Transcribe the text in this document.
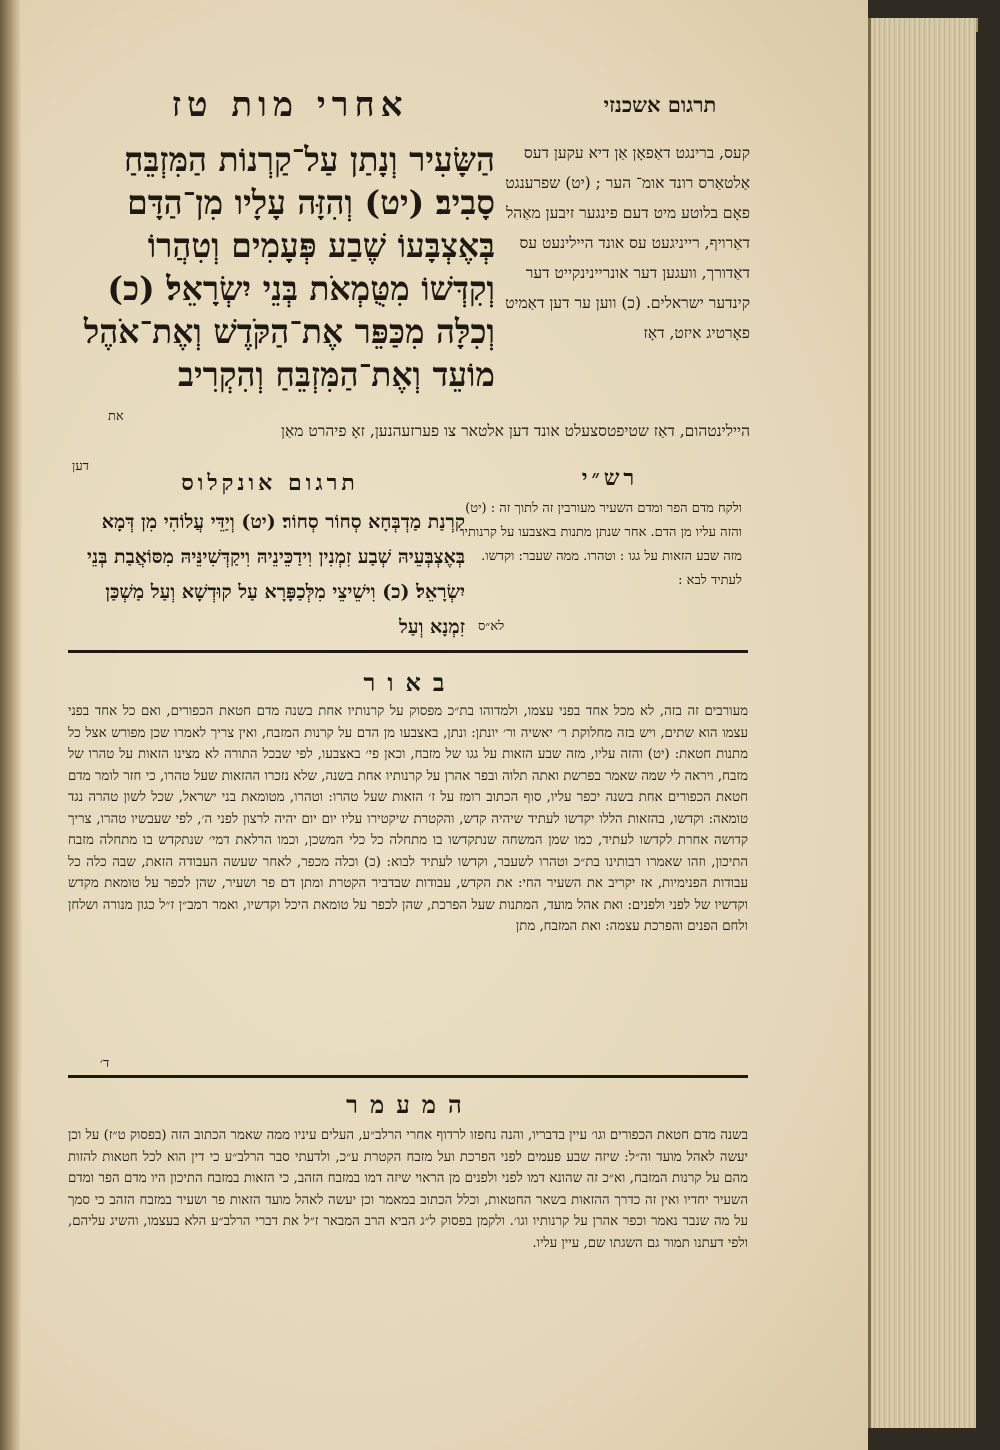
תרגום אשכנזי
אחרי מות טז
הַשָּׂעִיר וְנָתַן עַל־קַרְנוֹת הַמִּזְבֵּחַ סָבִיב׃ (יט) וְהִזָּה עָלָיו מִן־הַדָּם בְּאֶצְבָּעוֹ שֶׁבַע פְּעָמִים וְטִהֲרוֹ וְקִדְּשׁוֹ מִטֻּמְאֹת בְּנֵי יִשְׂרָאֵל׃ (כ) וְכִלָּה מִכַּפֵּר אֶת־הַקֹּדֶשׁ וְאֶת־אֹהֶל מוֹעֵד וְאֶת־הַמִּזְבֵּחַ וְהִקְרִיב
קעס, ברינגט דאַפאָן אַן דיא עקען דעס אַלטאַרס רונד אומ־ הער ; (יט) שפרענגט פאָם בלוטע מיט דעם פינגער זיבען מאַהל דאַרויף, רייניגעט עס אונד היילינעט עס דאַדורך, וועגען דער אונריינינקייט דער קינדער ישראלים. (כ) ווען ער דען דאַמיט פאָרטיג איזט, דאָז
היילינטהום, דאַז שטיפטסצעלט אונד דען אלטאר צו פערזעהנען, זאָ פיהרט מאַן
את
דען	רש״י
תרגום אונקלוס
קַרְנַת מַדְבְּחָא סְחוֹר סְחוֹר׃ (יט) וְיַדֵּי עֲלוֹהִי מִן דְּמָא בְּאֶצְבְּעֵיהּ שְׁבַע זִמְנִין וִידַכֵּינֵיהּ וִיקַדְּשִׁינֵּיהּ מִסּוֹאֲבַת בְּנֵי יִשְׂרָאֵל׃ (כ) וִישֵׁיצֵי מִלְּכַפָּרָא עַל קוּדְשָׁא וְעַל מַשְׁכַּן זִמְנָא וְעַל
ולקח מדם הפר ומדם השעיר מעורבין זה לתוך זה : (יט) והזה עליו מן הדם. אחר שנתן מתנות באצבעו על קרנותיו מזה שבע הזאות על גגו : וטהרו. ממה שעבר: וקדשו. לעתיד לבא :
לא״ס
באור
מעורבים זה בזה, לא מכל אחד בפני עצמו, ולמדוהו בת״כ מפסוק על קרנותיו אחת בשנה מדם חטאת הכפורים, ואם כל אחד בפני עצמו הוא שתים, ויש בזה מחלוקת ר׳ יאשיה ור׳ יונתן: ונתן, באצבעו מן הדם על קרנות המזבח, ואין צריך לאמרו שכן מפורש אצל כל מתנות חטאת: (יט) והזה עליו, מזה שבע הזאות על גגו של מזבח, וכאן פי׳ באצבעו, לפי שבכל התורה לא מצינו הזאות על טהרו של מזבח, ויראה לי שמה שאמר בפרשת ואתה תלוה ובפר אהרן על קרנותיו אחת בשנה, שלא נזכרו ההזאות שעל טהרו, כי חזר לומר מדם חטאת הכפורים אחת בשנה יכפר עליו, סוף הכתוב רומז על ז׳ הזאות שעל טהרו: וטהרו, מטומאת בני ישראל, שכל לשון טהרה נגד טומאה: וקדשו, בהזאות הללו יקדשו לעתיד שיהיה קדש, והקטרת שיקטירו עליו יום יום יהיה לרצון לפני ה׳, לפי שעבשיו טהרו, צריך קדושה אחרת לקדשו לעתיד, כמו שמן המשחה שנתקדשו בו מתחלה כל כלי המשכן, וכמו הרלאת דמי׳ שנתקדש בו מתחלה מזבח התיכון, וזהו שאמרו רבותינו בת״כ וטהרו לשעבר, וקדשו לעתיד לבוא: (כ) וכלה מכפר, לאחר שעשה העבודה הזאת, שבה כלה כל עבודות הפנימיות, אז יקריב את השעיר החי: את הקדש, עבודות שבדביר הקטרת ומתן דם פר ושעיר, שהן לכפר על טומאת מקדש וקדשיו של לפני ולפנים: ואת אהל מועד, המתנות שעל הפרכת, שהן לכפר על טומאת היכל וקדשיו, ואמר רמב״ן ז״ל כגון מנורה ושלחן ולחם הפנים והפרכת עצמה: ואת המזבח, מתן
ד׳
המעמר
בשנה מדם חטאת הכפורים וגו׳ עיין בדבריו, והנה נחפזו לרדוף אחרי הרלב״ע, העלים עיניו ממה שאמר הכתוב הזה (בפסוק ט״ז) על וכן יעשה לאהל מועד וה״ל: שיזה שבע פעמים לפני הפרכת ועל מזבח הקטרת ע״כ, ולדעתי סבר הרלב״ע כי דין הוא לכל חטאות להזות מהם על קרנות המזבח, וא״כ זה שהונא דמו לפני ולפנים מן הראוי שיזה דמו במזבח הזהב, כי הזאות במזבח התיכון היו מדם הפר ומדם השעיר יחדיו ואין זה כדרך ההזאות בשאר החטאות, וכלל הכתוב במאמר וכן יעשה לאהל מועד הזאות פר ושעיר במזבח הזהב כי סמך על מה שנבר נאמר וכפר אהרן על קרנותיו וגו׳. ולקמן בפסוק ל״ג הביא הרב המבאר ז״ל את דברי הרלב״ע הלא בעצמו, והשיג עליהם, ולפי דעתנו תמור גם השגתו שם, עיין עליו.
